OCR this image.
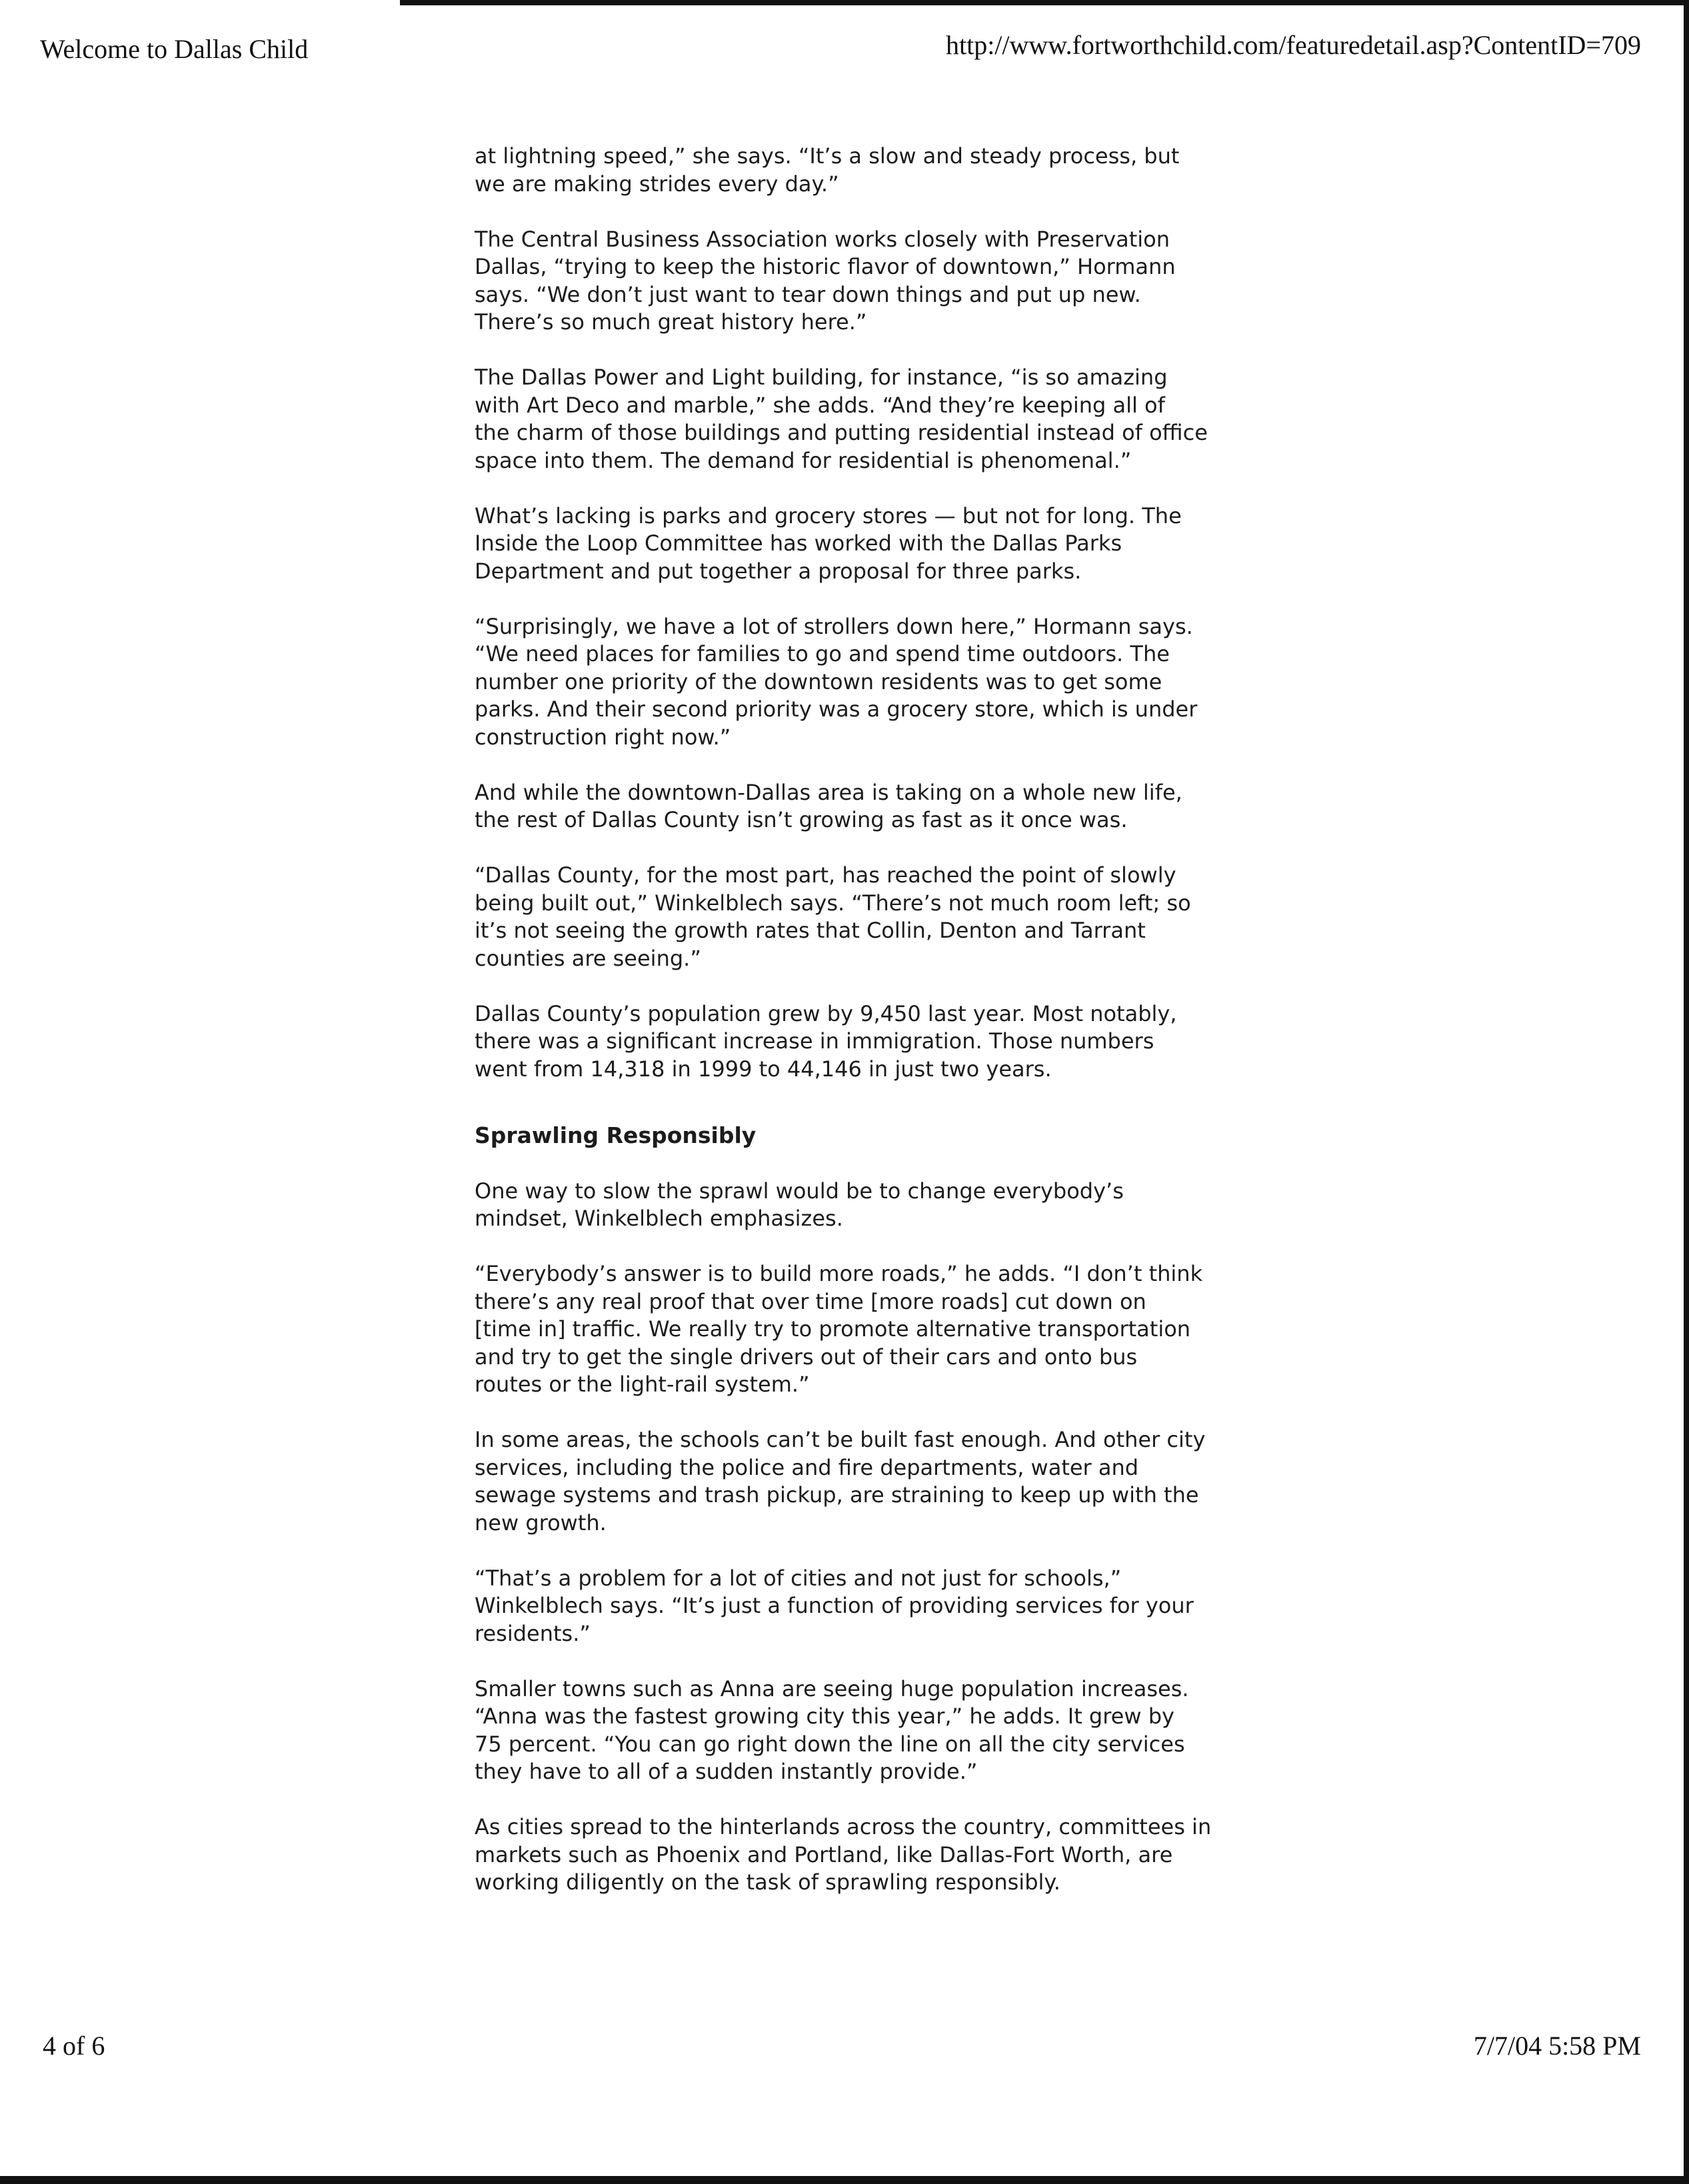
Welcome to Dallas Child	http://www.fortworthchild.com/featuredetail.asp?ContentID=709

at lightning speed,” she says. “It’s a slow and steady process, but
we are making strides every day.”

The Central Business Association works closely with Preservation
Dallas, “trying to keep the historic flavor of downtown,” Hormann
says. “We don’t just want to tear down things and put up new.
There’s so much great history here.”

The Dallas Power and Light building, for instance, “is so amazing
with Art Deco and marble,” she adds. “And they’re keeping all of
the charm of those buildings and putting residential instead of office
space into them. The demand for residential is phenomenal.”

What’s lacking is parks and grocery stores — but not for long. The
Inside the Loop Committee has worked with the Dallas Parks
Department and put together a proposal for three parks.

“Surprisingly, we have a lot of strollers down here,” Hormann says.
“We need places for families to go and spend time outdoors. The
number one priority of the downtown residents was to get some
parks. And their second priority was a grocery store, which is under
construction right now.”

And while the downtown-Dallas area is taking on a whole new life,
the rest of Dallas County isn’t growing as fast as it once was.

“Dallas County, for the most part, has reached the point of slowly
being built out,” Winkelblech says. “There’s not much room left; so
it’s not seeing the growth rates that Collin, Denton and Tarrant
counties are seeing.”

Dallas County’s population grew by 9,450 last year. Most notably,
there was a significant increase in immigration. Those numbers
went from 14,318 in 1999 to 44,146 in just two years.

Sprawling Responsibly

One way to slow the sprawl would be to change everybody’s
mindset, Winkelblech emphasizes.

“Everybody’s answer is to build more roads,” he adds. “I don’t think
there’s any real proof that over time [more roads] cut down on
[time in] traffic. We really try to promote alternative transportation
and try to get the single drivers out of their cars and onto bus
routes or the light-rail system.”

In some areas, the schools can’t be built fast enough. And other city
services, including the police and fire departments, water and
sewage systems and trash pickup, are straining to keep up with the
new growth.

“That’s a problem for a lot of cities and not just for schools,”
Winkelblech says. “It’s just a function of providing services for your
residents.”

Smaller towns such as Anna are seeing huge population increases.
“Anna was the fastest growing city this year,” he adds. It grew by
75 percent. “You can go right down the line on all the city services
they have to all of a sudden instantly provide.”

As cities spread to the hinterlands across the country, committees in
markets such as Phoenix and Portland, like Dallas-Fort Worth, are
working diligently on the task of sprawling responsibly.

4 of 6	7/7/04 5:58 PM
